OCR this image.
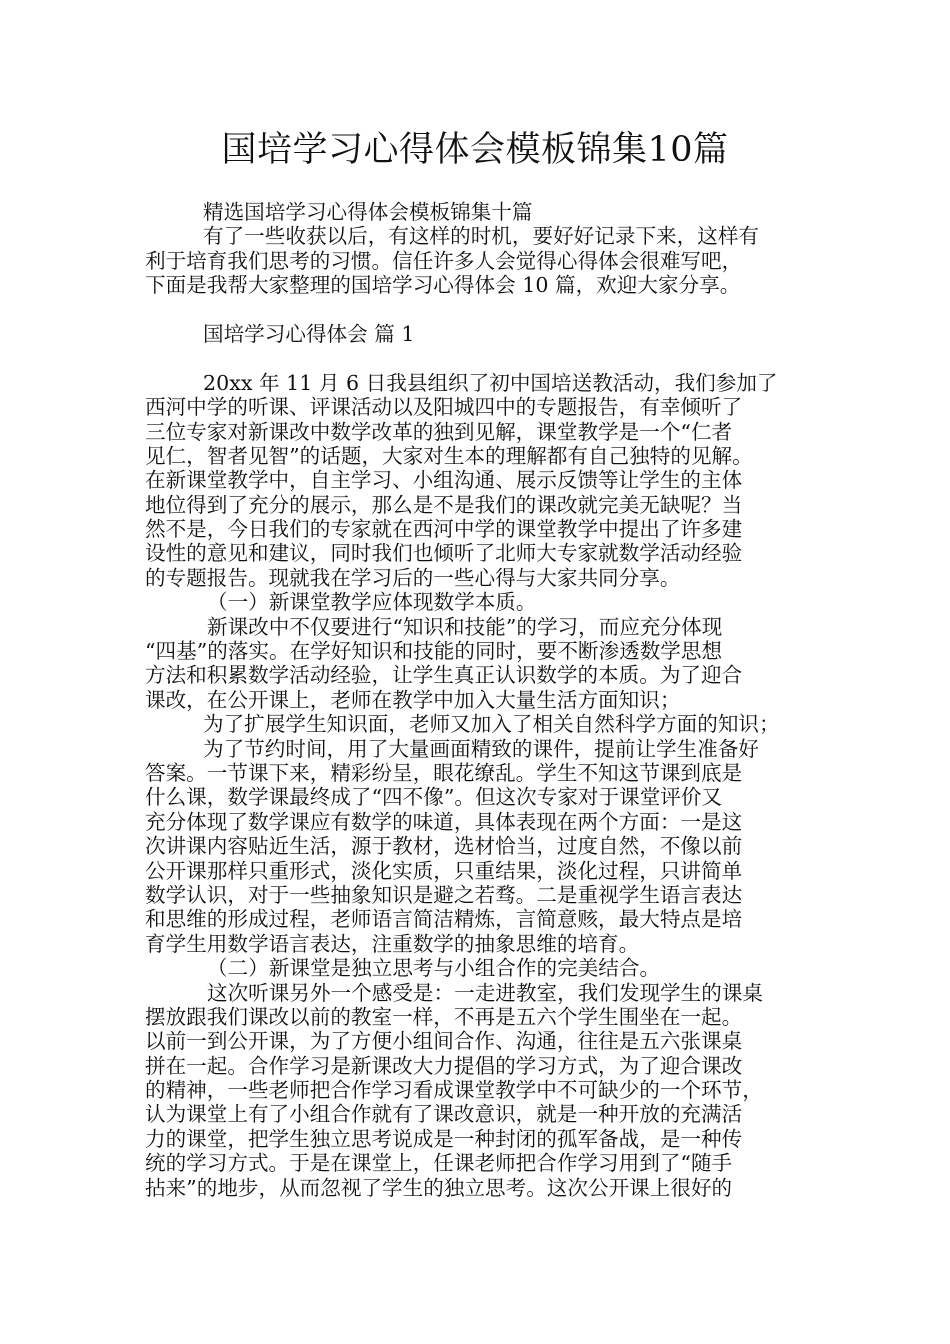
国培学习心得体会模板锦集10篇
精选国培学习心得体会模板锦集十篇
有了一些收获以后，有这样的时机，要好好记录下来，这样有
利于培育我们思考的习惯。信任许多人会觉得心得体会很难写吧，
下面是我帮大家整理的国培学习心得体会 10 篇，欢迎大家分享。
国培学习心得体会 篇 1
20xx 年 11 月 6 日我县组织了初中国培送教活动，我们参加了
西河中学的听课、评课活动以及阳城四中的专题报告，有幸倾听了
三位专家对新课改中数学改革的独到见解，课堂教学是一个“仁者
见仁，智者见智”的话题，大家对生本的理解都有自己独特的见解。
在新课堂教学中，自主学习、小组沟通、展示反馈等让学生的主体
地位得到了充分的展示，那么是不是我们的课改就完美无缺呢？当
然不是，今日我们的专家就在西河中学的课堂教学中提出了许多建
设性的意见和建议，同时我们也倾听了北师大专家就数学活动经验
的专题报告。现就我在学习后的一些心得与大家共同分享。
（一）新课堂教学应体现数学本质。
新课改中不仅要进行“知识和技能”的学习，而应充分体现
“四基”的落实。在学好知识和技能的同时，要不断渗透数学思想
方法和积累数学活动经验，让学生真正认识数学的本质。为了迎合
课改，在公开课上，老师在教学中加入大量生活方面知识；
为了扩展学生知识面，老师又加入了相关自然科学方面的知识；
为了节约时间，用了大量画面精致的课件，提前让学生准备好
答案。一节课下来，精彩纷呈，眼花缭乱。学生不知这节课到底是
什么课，数学课最终成了“四不像”。但这次专家对于课堂评价又
充分体现了数学课应有数学的味道，具体表现在两个方面：一是这
次讲课内容贴近生活，源于教材，选材恰当，过度自然，不像以前
公开课那样只重形式，淡化实质，只重结果，淡化过程，只讲简单
数学认识，对于一些抽象知识是避之若骛。二是重视学生语言表达
和思维的形成过程，老师语言简洁精炼，言简意赅，最大特点是培
育学生用数学语言表达，注重数学的抽象思维的培育。
（二）新课堂是独立思考与小组合作的完美结合。
这次听课另外一个感受是：一走进教室，我们发现学生的课桌
摆放跟我们课改以前的教室一样，不再是五六个学生围坐在一起。
以前一到公开课，为了方便小组间合作、沟通，往往是五六张课桌
拼在一起。合作学习是新课改大力提倡的学习方式，为了迎合课改
的精神，一些老师把合作学习看成课堂教学中不可缺少的一个环节，
认为课堂上有了小组合作就有了课改意识，就是一种开放的充满活
力的课堂，把学生独立思考说成是一种封闭的孤军备战，是一种传
统的学习方式。于是在课堂上，任课老师把合作学习用到了“随手
拈来”的地步，从而忽视了学生的独立思考。这次公开课上很好的
